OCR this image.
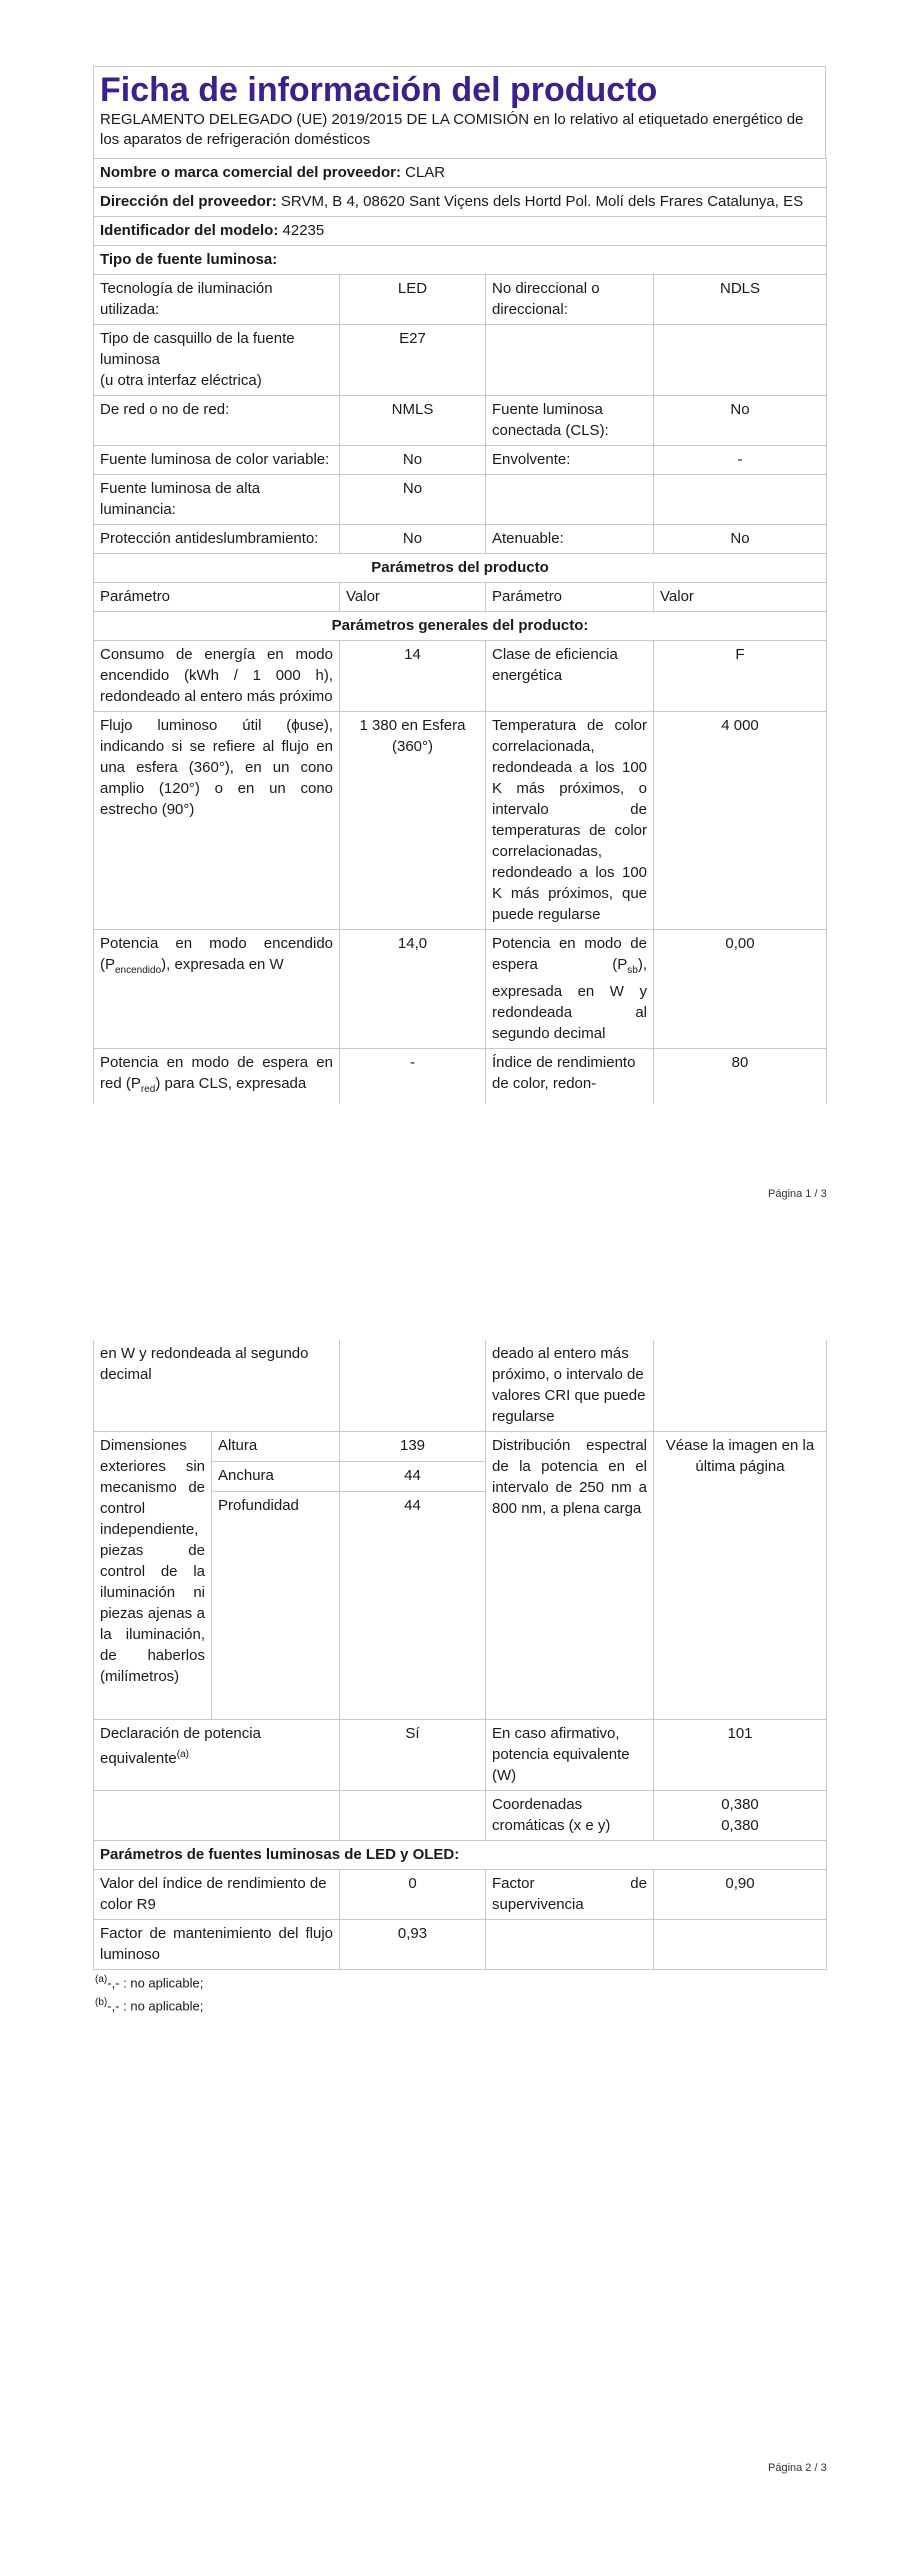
Ficha de información del producto
REGLAMENTO DELEGADO (UE) 2019/2015 DE LA COMISIÓN en lo relativo al etiquetado energético de los aparatos de refrigeración domésticos
Nombre o marca comercial del proveedor: CLAR			
Dirección del proveedor: SRVM, B 4, 08620 Sant Viçens dels Hortd Pol. Molí dels Frares Catalunya, ES			
Identificador del modelo: 42235			
Tipo de fuente luminosa:			
Tecnología de iluminación utilizada:	LED	No direccional o direccional:	NDLS

Tipo de casquillo de la fuente luminosa
(u otra interfaz eléctrica)	E27		
De red o no de red:	NMLS	Fuente luminosa conectada (CLS):	No
Fuente luminosa de color variable:	No	Envolvente:	-
Fuente luminosa de alta luminancia:	No		
Protección antideslumbramiento:	No	Atenuable:	No
Parámetros del producto			
Parámetro	Valor	Parámetro	Valor
Parámetros generales del producto:			
Consumo de energía en modo encendido (kWh / 1 000 h), redondeado al entero más próximo	14	Clase de eficiencia energética	F
Flujo luminoso útil (ϕuse), indicando si se refiere al flujo en una esfera (360°), en un cono amplio (120°) o en un cono estrecho (90°)	1 380 en Esfera (360°)	Temperatura de color correlacionada, redondeada a los 100 K más próximos, o intervalo de temperaturas de color correlacionadas, redondeado a los 100 K más próximos, que puede regularse	4 000
Potencia en modo encendido $(P_{encendido})$, expresada en W	14,0	Potencia en modo de espera $(P_{sb})$, expresada en W y redondeada al segundo decimal	0,00
Potencia en modo de espera en red $(P_{red})$ para CLS, expresada	-	Índice de rendimiento de color, redon-	80
Página 1 / 3
en W y redondeada al segundo decimal			deado al entero más próximo, o intervalo de valores CRI que puede regularse	
Dimensiones exteriores sin mecanismo de control independiente, piezas de control de la iluminación ni piezas ajenas a la iluminación, de haberlos (milímetros)	Altura	139	Distribución espectral de la potencia en el intervalo de 250 nm a 800 nm, a plena carga	Véase la imagen en la última página
	Anchura	44		
	Profundidad	44		
Declaración de potencia equivalente$^{(a)}$		Sí	En caso afirmativo, potencia equivalente (W)	101
			Coordenadas cromáticas (x e y)	0,380
0,380

Parámetros de fuentes luminosas de LED y OLED:				
Valor del índice de rendimiento de color R9		0	Factor de supervivencia	0,90
Factor de mantenimiento del flujo luminoso		0,93		
$^{(a)}$-,- : no aplicable;
$^{(b)}$-,- : no aplicable;
Página 2 / 3
